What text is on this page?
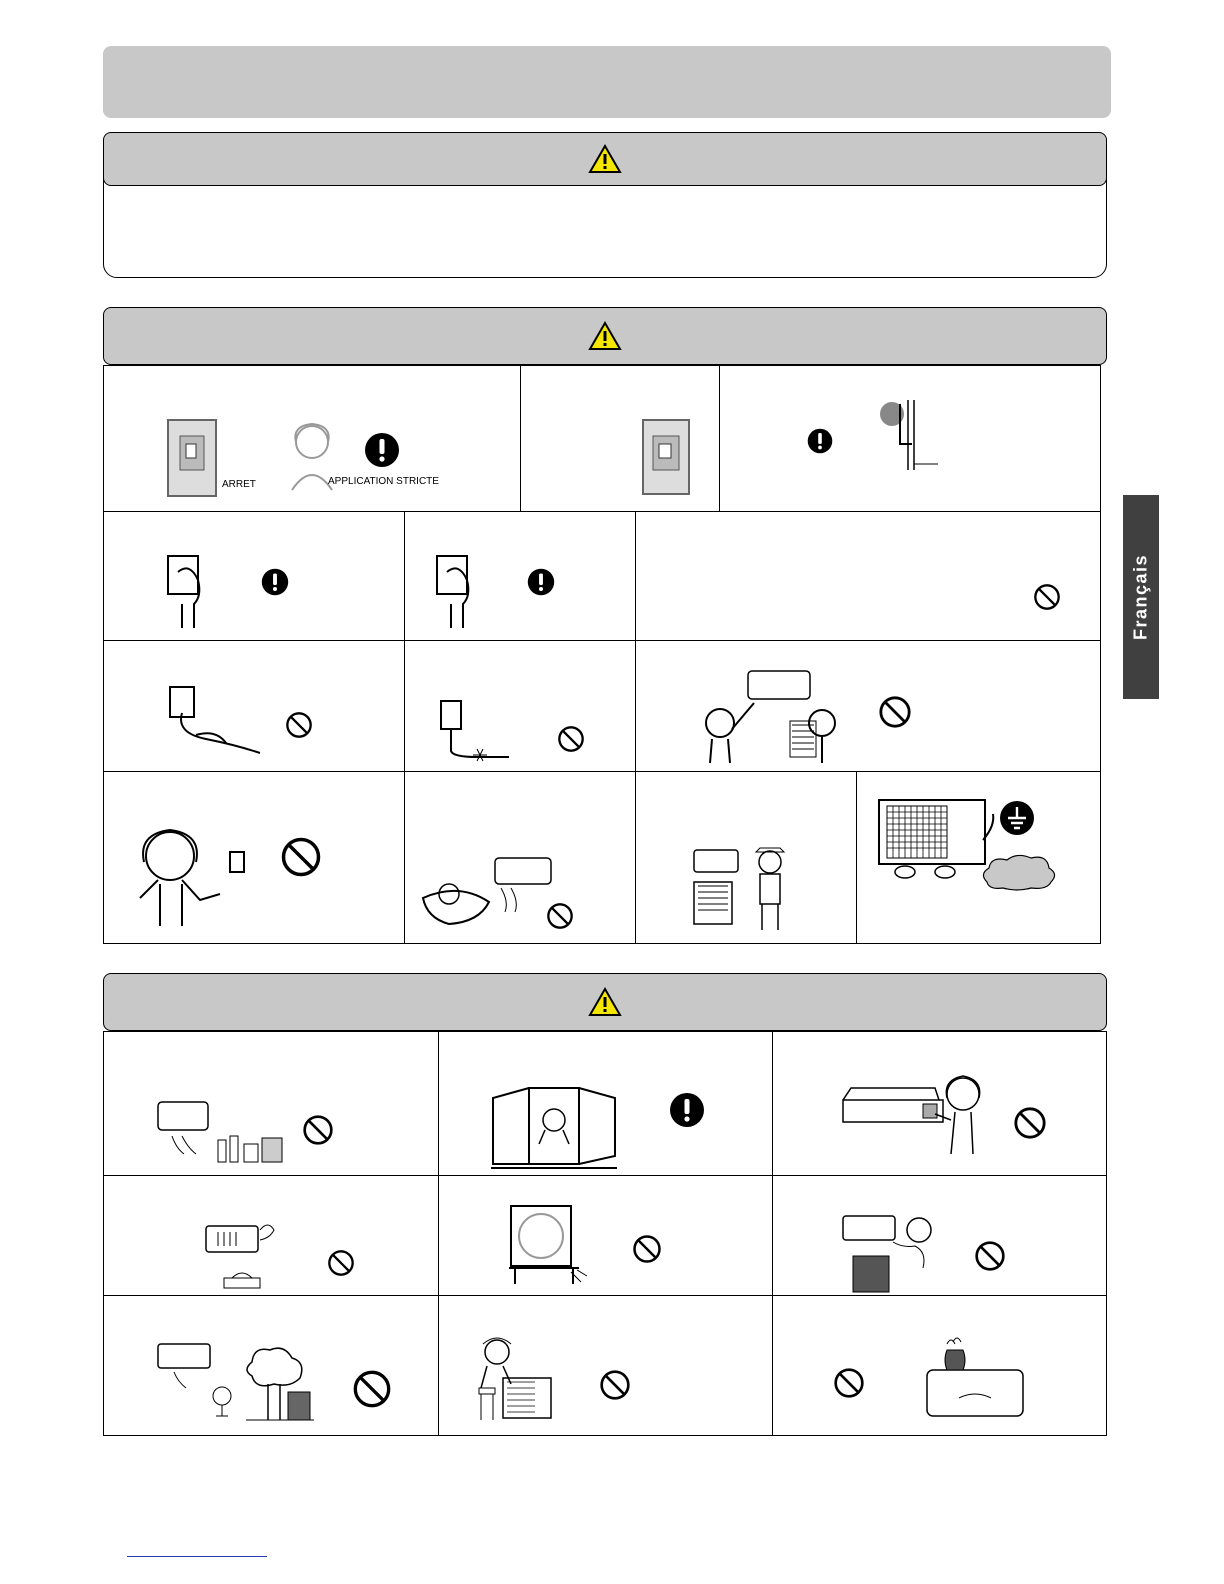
ARRET	APPLICATION STRICTE
Français
